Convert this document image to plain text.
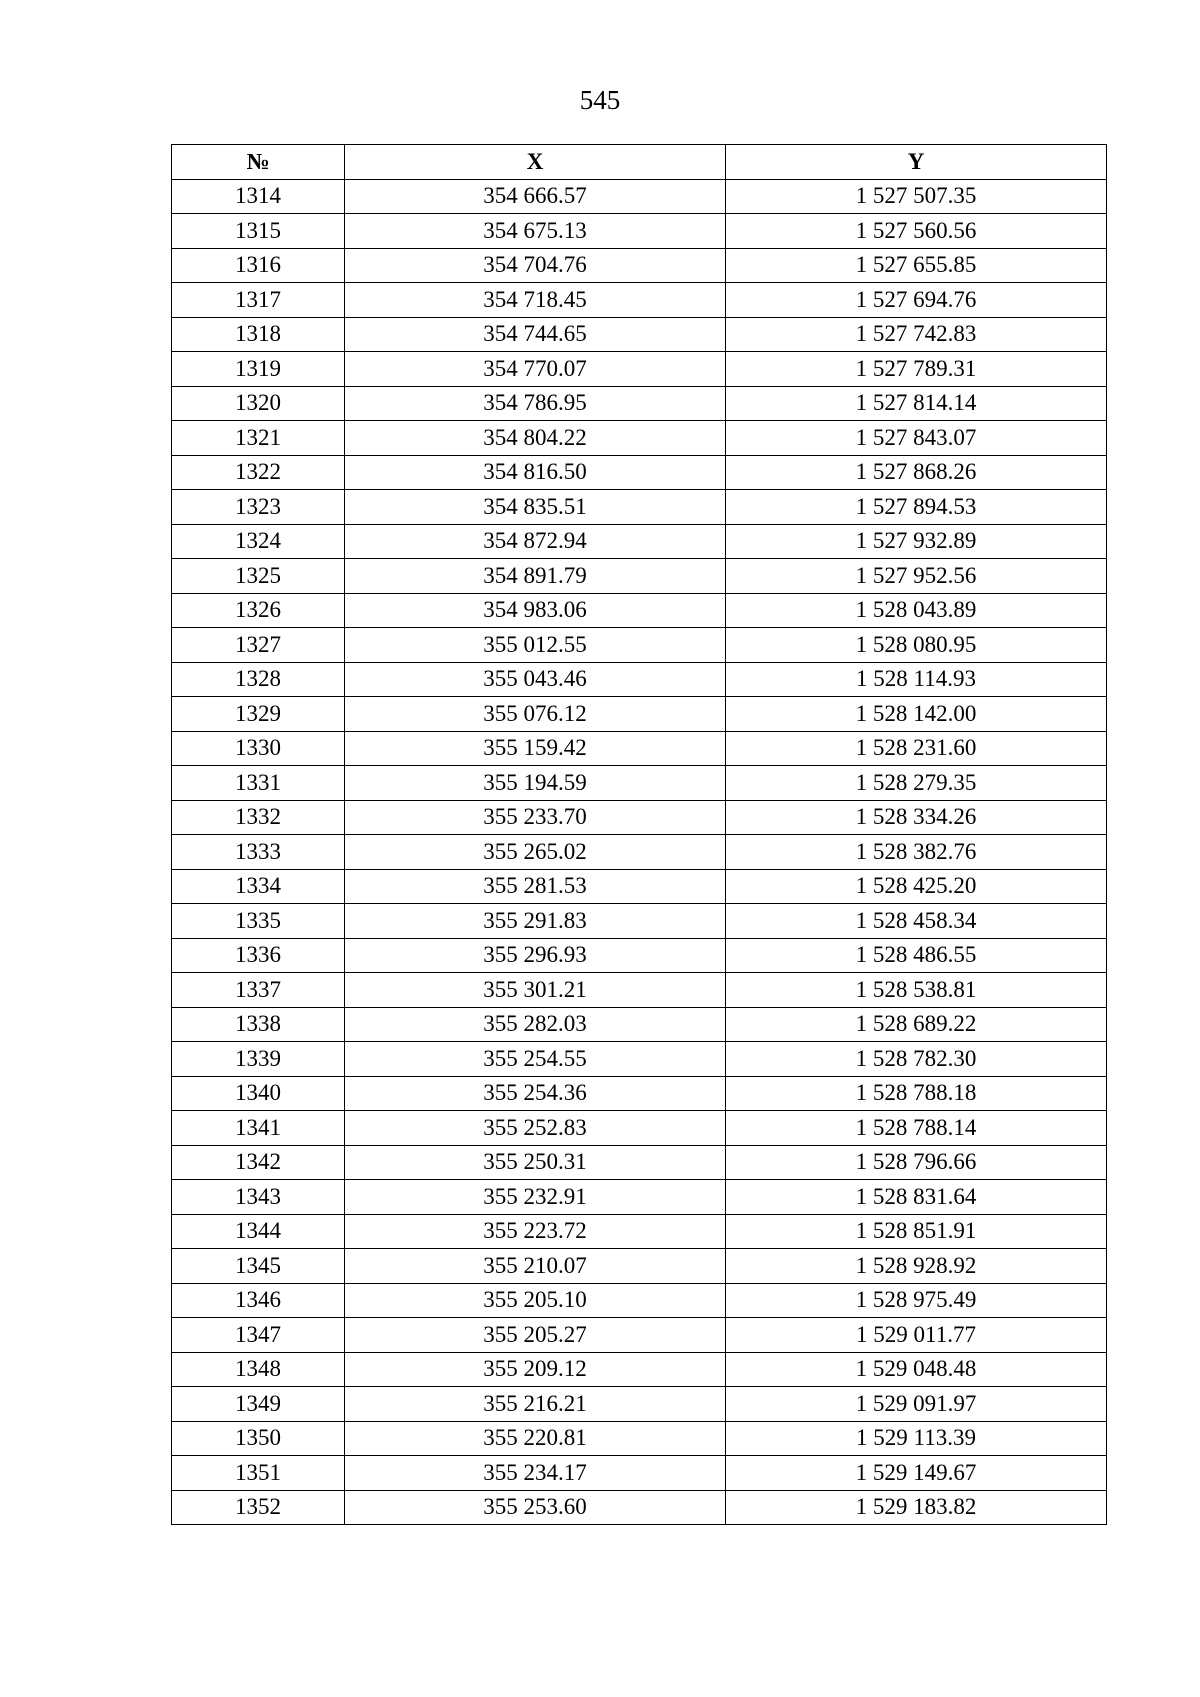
545
№	X	Y
1314	354 666.57	1 527 507.35
1315	354 675.13	1 527 560.56
1316	354 704.76	1 527 655.85
1317	354 718.45	1 527 694.76
1318	354 744.65	1 527 742.83
1319	354 770.07	1 527 789.31
1320	354 786.95	1 527 814.14
1321	354 804.22	1 527 843.07
1322	354 816.50	1 527 868.26
1323	354 835.51	1 527 894.53
1324	354 872.94	1 527 932.89
1325	354 891.79	1 527 952.56
1326	354 983.06	1 528 043.89
1327	355 012.55	1 528 080.95
1328	355 043.46	1 528 114.93
1329	355 076.12	1 528 142.00
1330	355 159.42	1 528 231.60
1331	355 194.59	1 528 279.35
1332	355 233.70	1 528 334.26
1333	355 265.02	1 528 382.76
1334	355 281.53	1 528 425.20
1335	355 291.83	1 528 458.34
1336	355 296.93	1 528 486.55
1337	355 301.21	1 528 538.81
1338	355 282.03	1 528 689.22
1339	355 254.55	1 528 782.30
1340	355 254.36	1 528 788.18
1341	355 252.83	1 528 788.14
1342	355 250.31	1 528 796.66
1343	355 232.91	1 528 831.64
1344	355 223.72	1 528 851.91
1345	355 210.07	1 528 928.92
1346	355 205.10	1 528 975.49
1347	355 205.27	1 529 011.77
1348	355 209.12	1 529 048.48
1349	355 216.21	1 529 091.97
1350	355 220.81	1 529 113.39
1351	355 234.17	1 529 149.67
1352	355 253.60	1 529 183.82
